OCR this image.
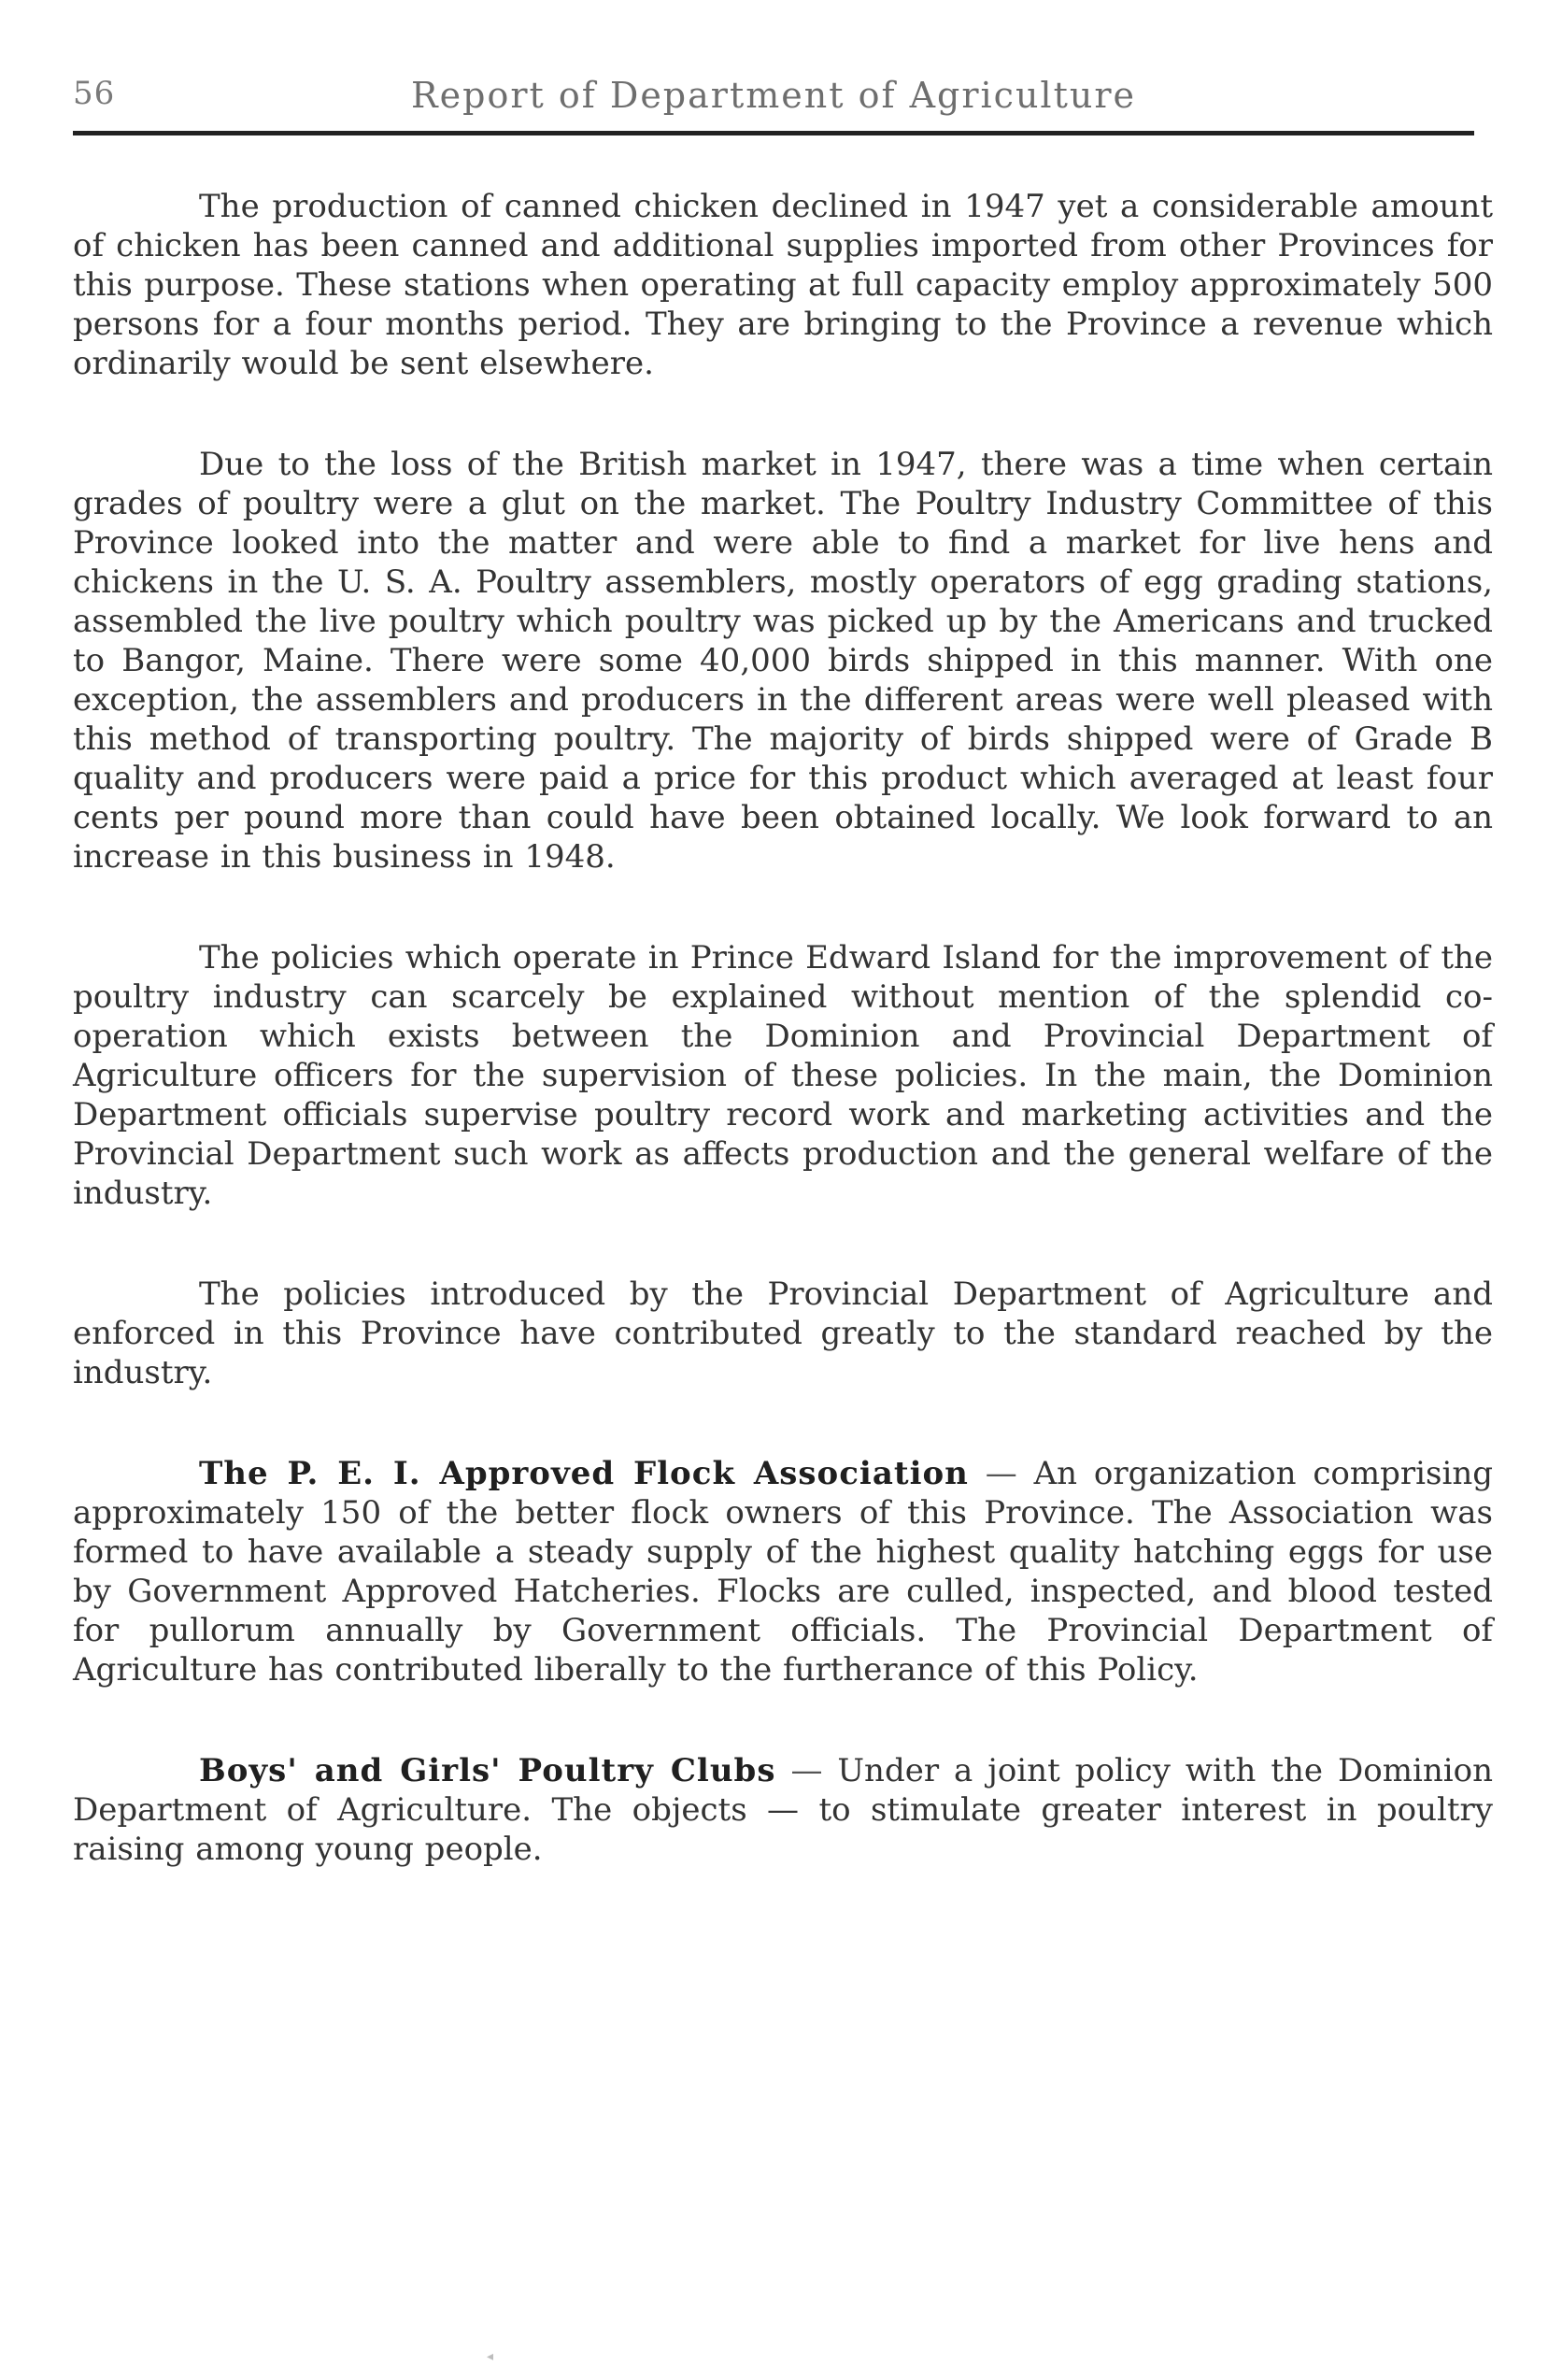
56	Report of Department of Agriculture

The production of canned chicken declined in 1947 yet a considerable amount of chicken has been canned and additional supplies imported from other Provinces for this purpose. These stations when operating at full capacity employ approximately 500 persons for a four months period. They are bringing to the Province a revenue which ordinarily would be sent elsewhere.

Due to the loss of the British market in 1947, there was a time when certain grades of poultry were a glut on the market. The Poultry Industry Committee of this Province looked into the matter and were able to find a market for live hens and chickens in the U. S. A. Poultry assemblers, mostly operators of egg grading stations, assembled the live poultry which poultry was picked up by the Americans and trucked to Bangor, Maine. There were some 40,000 birds shipped in this manner. With one exception, the assemblers and producers in the different areas were well pleased with this method of transporting poultry. The majority of birds shipped were of Grade B quality and producers were paid a price for this product which averaged at least four cents per pound more than could have been obtained locally. We look forward to an increase in this business in 1948.

The policies which operate in Prince Edward Island for the improvement of the poultry industry can scarcely be explained without mention of the splendid co-operation which exists between the Dominion and Provincial Department of Agriculture officers for the supervision of these policies. In the main, the Dominion Department officials supervise poultry record work and marketing activities and the Provincial Department such work as affects production and the general welfare of the industry.

The policies introduced by the Provincial Department of Agriculture and enforced in this Province have contributed greatly to the standard reached by the industry.

The P. E. I. Approved Flock Association — An organization comprising approximately 150 of the better flock owners of this Province. The Association was formed to have available a steady supply of the highest quality hatching eggs for use by Government Approved Hatcheries. Flocks are culled, inspected, and blood tested for pullorum annually by Government officials. The Provincial Department of Agriculture has contributed liberally to the furtherance of this Policy.

Boys' and Girls' Poultry Clubs — Under a joint policy with the Dominion Department of Agriculture. The objects — to stimulate greater interest in poultry raising among young people.

◂
